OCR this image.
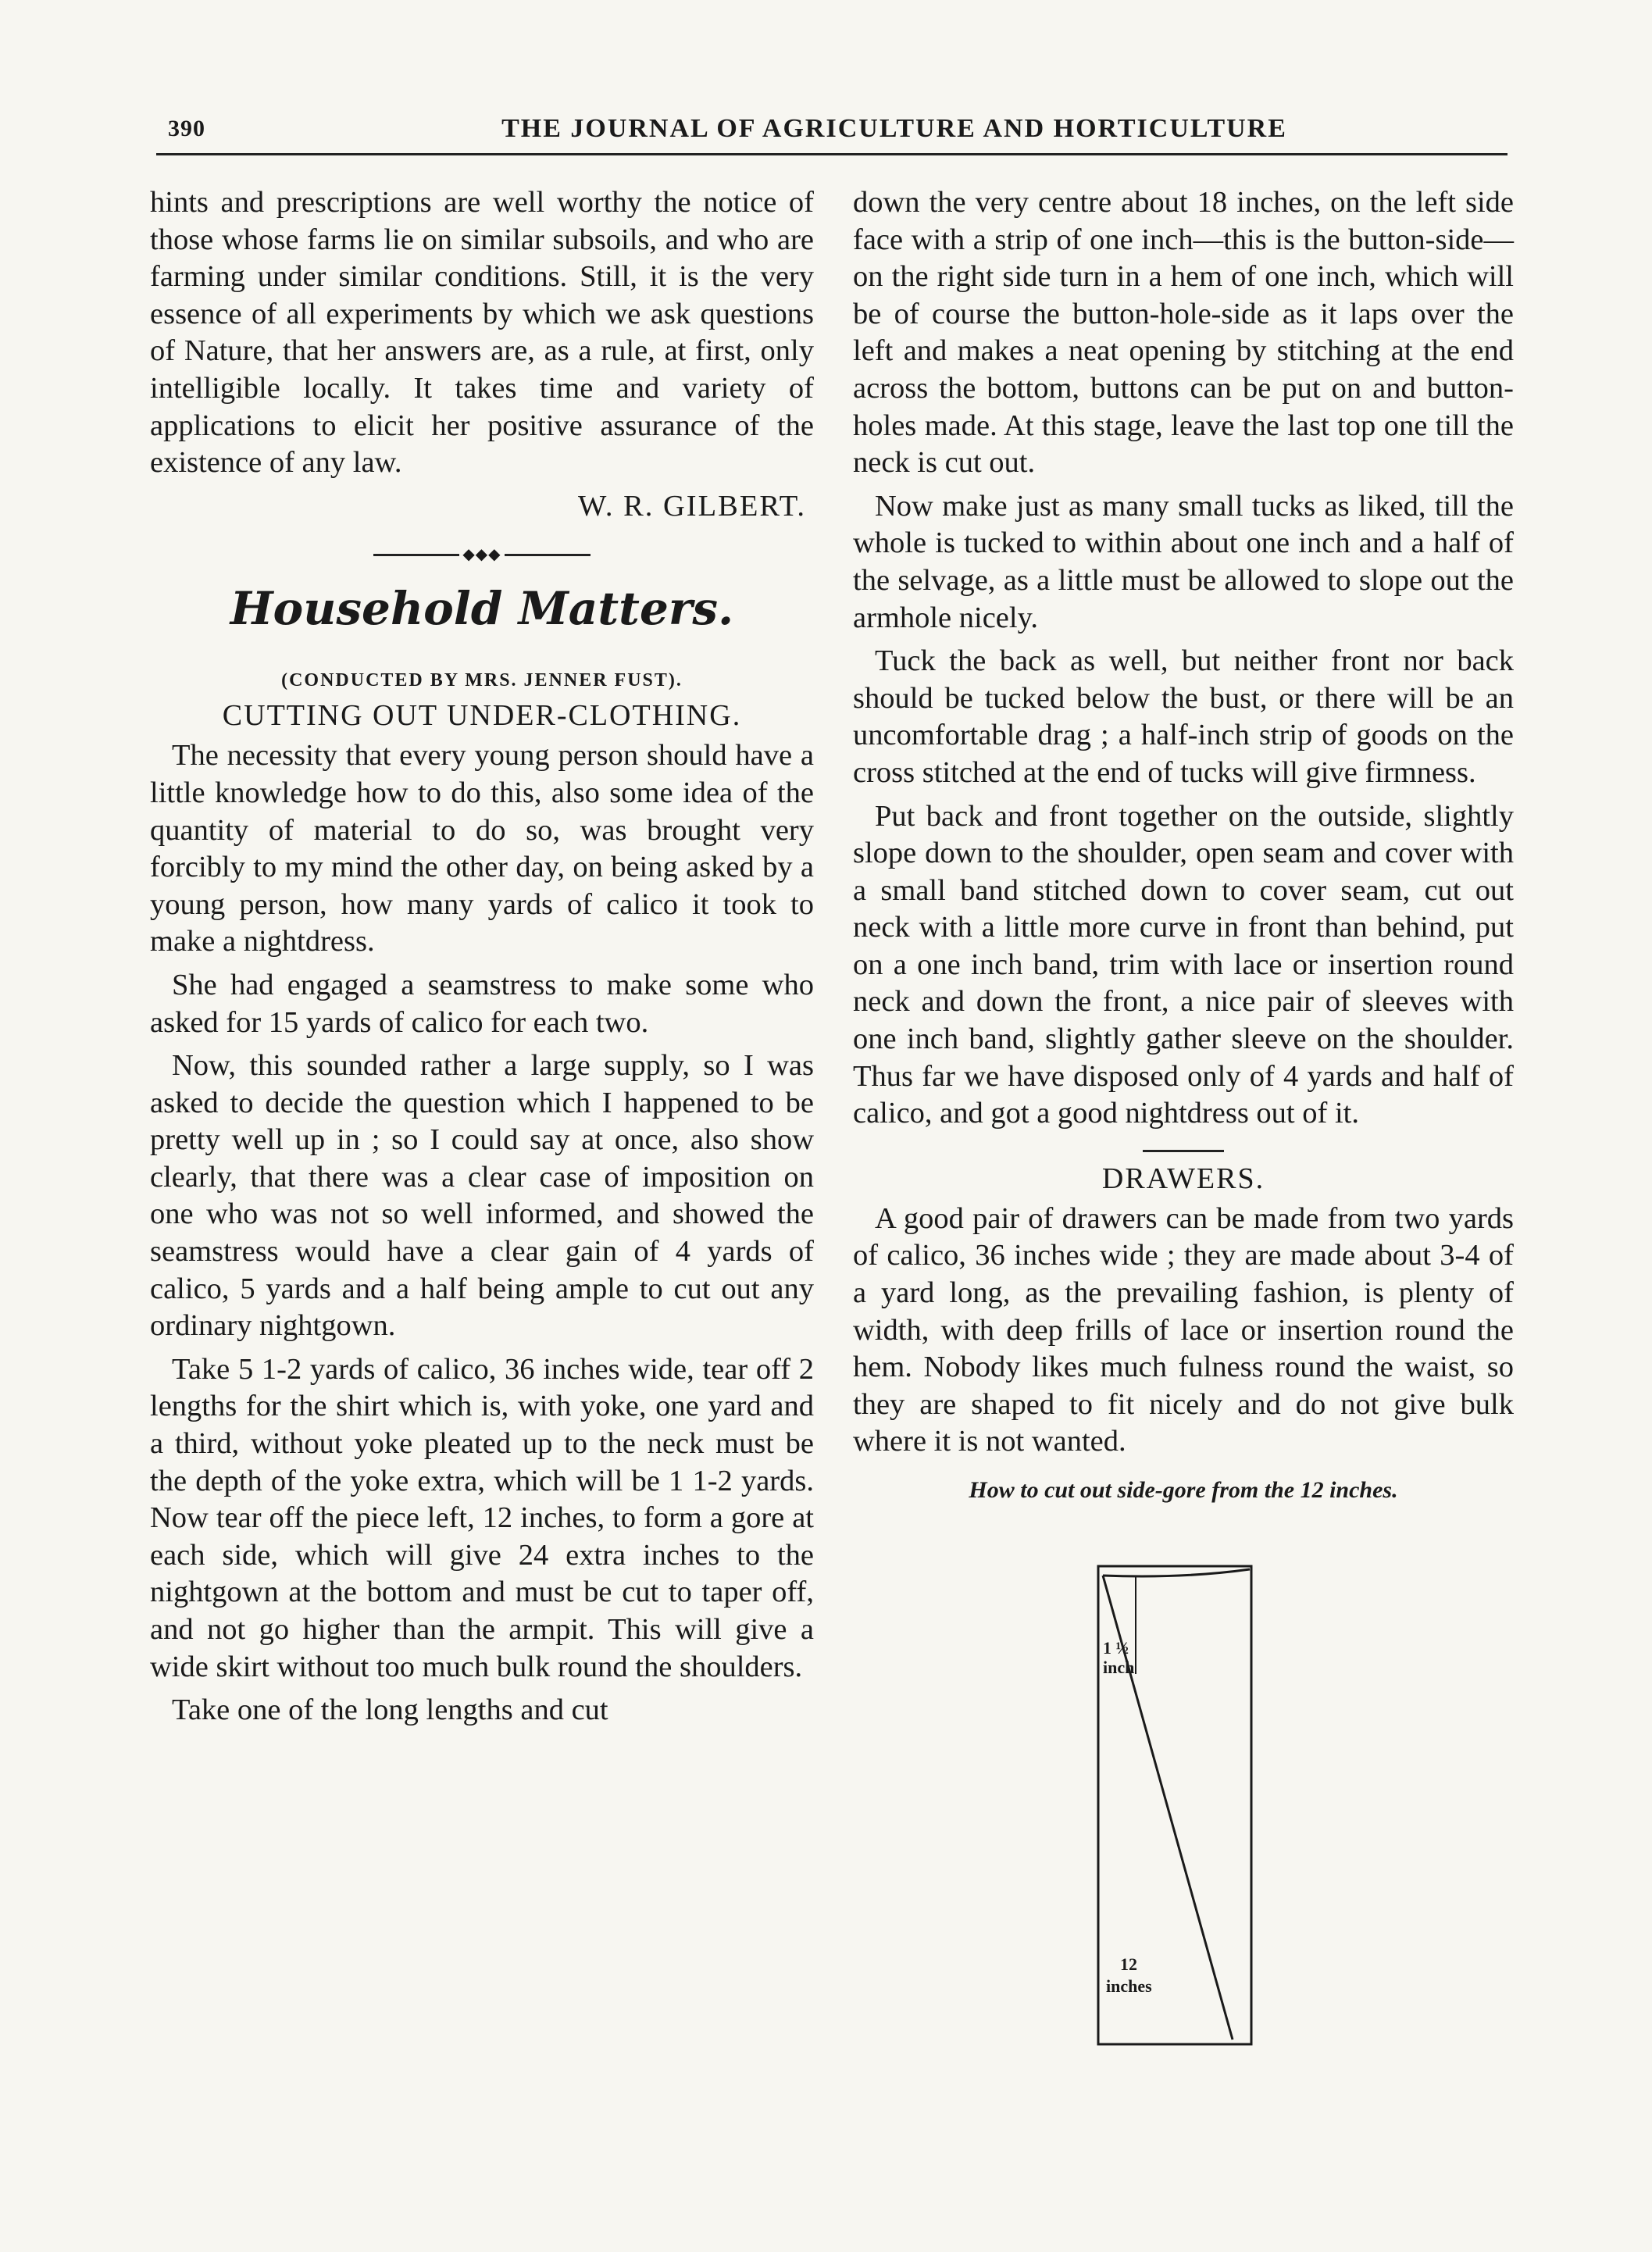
390	THE JOURNAL OF AGRICULTURE AND HORTICULTURE

hints and prescriptions are well worthy the notice of those whose farms lie on similar subsoils, and who are farming under similar conditions. Still, it is the very essence of all experiments by which we ask questions of Nature, that her answers are, as a rule, at first, only intelligible locally. It takes time and variety of applications to elicit her positive assurance of the existence of any law.

W. R. GILBERT.
◆◆◆
Household Matters.
(CONDUCTED BY MRS. JENNER FUST).
CUTTING OUT UNDER-CLOTHING.

The necessity that every young person should have a little knowledge how to do this, also some idea of the quantity of material to do so, was brought very forcibly to my mind the other day, on being asked by a young person, how many yards of calico it took to make a nightdress.

She had engaged a seamstress to make some who asked for 15 yards of calico for each two.

Now, this sounded rather a large supply, so I was asked to decide the question which I happened to be pretty well up in ; so I could say at once, also show clearly, that there was a clear case of imposition on one who was not so well informed, and showed the seamstress would have a clear gain of 4 yards of calico, 5 yards and a half being ample to cut out any ordinary nightgown.

Take 5 1-2 yards of calico, 36 inches wide, tear off 2 lengths for the shirt which is, with yoke, one yard and a third, without yoke pleated up to the neck must be the depth of the yoke extra, which will be 1 1-2 yards. Now tear off the piece left, 12 inches, to form a gore at each side, which will give 24 extra inches to the nightgown at the bottom and must be cut to taper off, and not go higher than the armpit. This will give a wide skirt without too much bulk round the shoulders.

Take one of the long lengths and cut

down the very centre about 18 inches, on the left side face with a strip of one inch—this is the button-side—on the right side turn in a hem of one inch, which will be of course the button-hole-side as it laps over the left and makes a neat opening by stitching at the end across the bottom, buttons can be put on and button-holes made. At this stage, leave the last top one till the neck is cut out.

Now make just as many small tucks as liked, till the whole is tucked to within about one inch and a half of the selvage, as a little must be allowed to slope out the armhole nicely.

Tuck the back as well, but neither front nor back should be tucked below the bust, or there will be an uncomfortable drag ; a half-inch strip of goods on the cross stitched at the end of tucks will give firmness.

Put back and front together on the outside, slightly slope down to the shoulder, open seam and cover with a small band stitched down to cover seam, cut out neck with a little more curve in front than behind, put on a one inch band, trim with lace or insertion round neck and down the front, a nice pair of sleeves with one inch band, slightly gather sleeve on the shoulder. Thus far we have disposed only of 4 yards and half of calico, and got a good nightdress out of it.

DRAWERS.

A good pair of drawers can be made from two yards of calico, 36 inches wide ; they are made about 3-4 of a yard long, as the prevailing fashion, is plenty of width, with deep frills of lace or insertion round the hem. Nobody likes much fulness round the waist, so they are shaped to fit nicely and do not give bulk where it is not wanted.

How to cut out side-gore from the 12 inches.
1 ½
inch
12
inches
